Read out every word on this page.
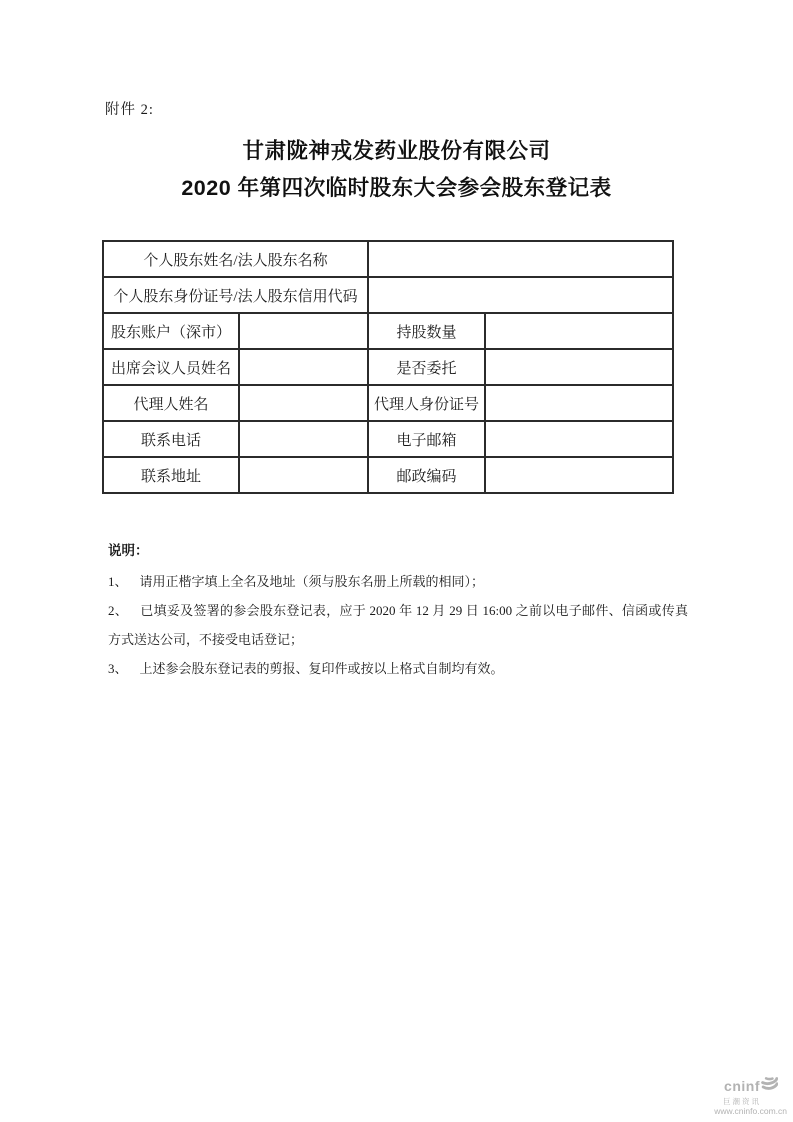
附件 2:
甘肃陇神戎发药业股份有限公司
2020 年第四次临时股东大会参会股东登记表
个人股东姓名/法人股东名称			
个人股东身份证号/法人股东信用代码			
股东账户（深市）		持股数量	
出席会议人员姓名		是否委托	
代理人姓名		代理人身份证号	
联系电话		电子邮箱	
联系地址		邮政编码	
说明：

1、 请用正楷字填上全名及地址（须与股东名册上所载的相同）；

2、 已填妥及签署的参会股东登记表，应于 2020 年 12 月 29 日 16:00 之前以电子邮件、信函或传真方式送达公司，不接受电话登记；

3、 上述参会股东登记表的剪报、复印件或按以上格式自制均有效。

cninf
巨潮资讯
www.cninfo.com.cn
